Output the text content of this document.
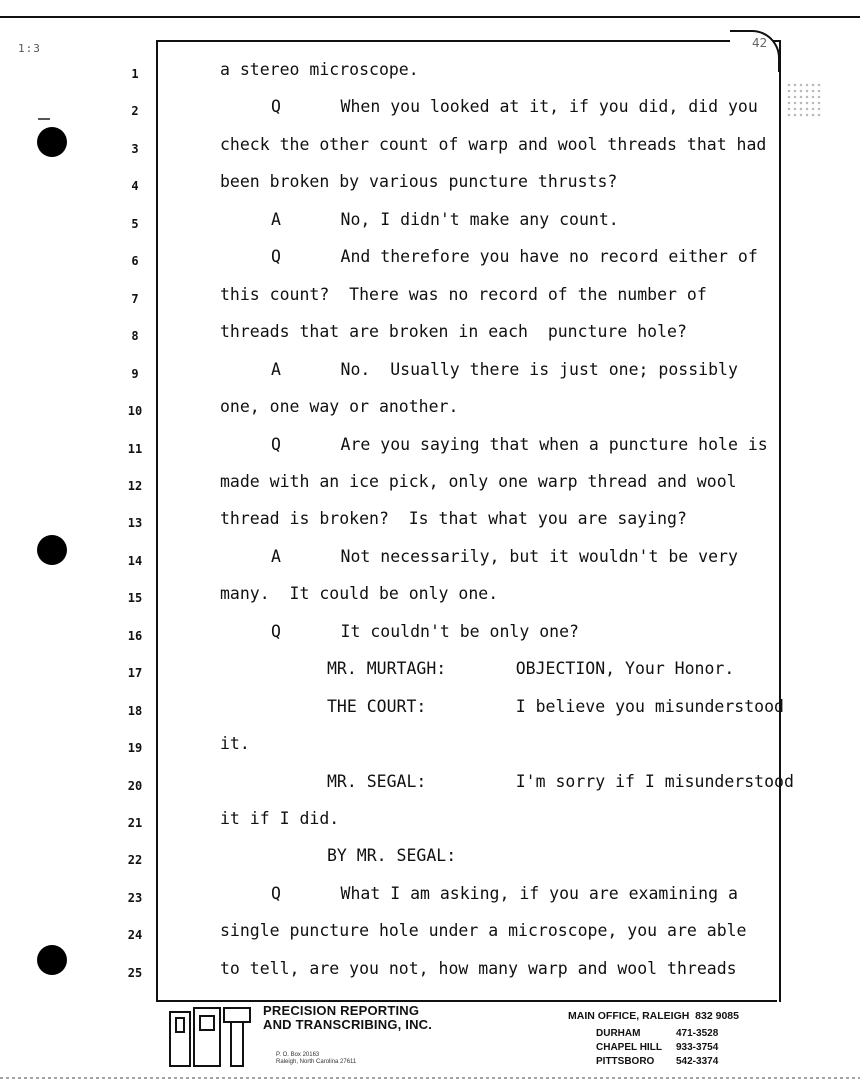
1:3	42
1	a stereo microscope.
2	Q      When you looked at it, if you did, did you
3	check the other count of warp and wool threads that had
4	been broken by various puncture thrusts?
5	A      No, I didn't make any count.
6	Q      And therefore you have no record either of
7	this count?  There was no record of the number of
8	threads that are broken in each  puncture hole?
9	A      No.  Usually there is just one; possibly
10	one, one way or another.
11	Q      Are you saying that when a puncture hole is
12	made with an ice pick, only one warp thread and wool
13	thread is broken?  Is that what you are saying?
14	A      Not necessarily, but it wouldn't be very
15	many.  It could be only one.
16	Q      It couldn't be only one?
17	MR. MURTAGH:       OBJECTION, Your Honor.
18	THE COURT:         I believe you misunderstood
19	it.
20	MR. SEGAL:         I'm sorry if I misunderstood
21	it if I did.
22	BY MR. SEGAL:
23	Q      What I am asking, if you are examining a
24	single puncture hole under a microscope, you are able
25	to tell, are you not, how many warp and wool threads
PRECISION REPORTING
AND TRANSCRIBING, INC.
P. O. Box 20163
Raleigh, North Carolina 27611
MAIN OFFICE, RALEIGH  832 9085
DURHAM	471-3528
CHAPEL HILL 933-3754
PITTSBORO 542-3374
